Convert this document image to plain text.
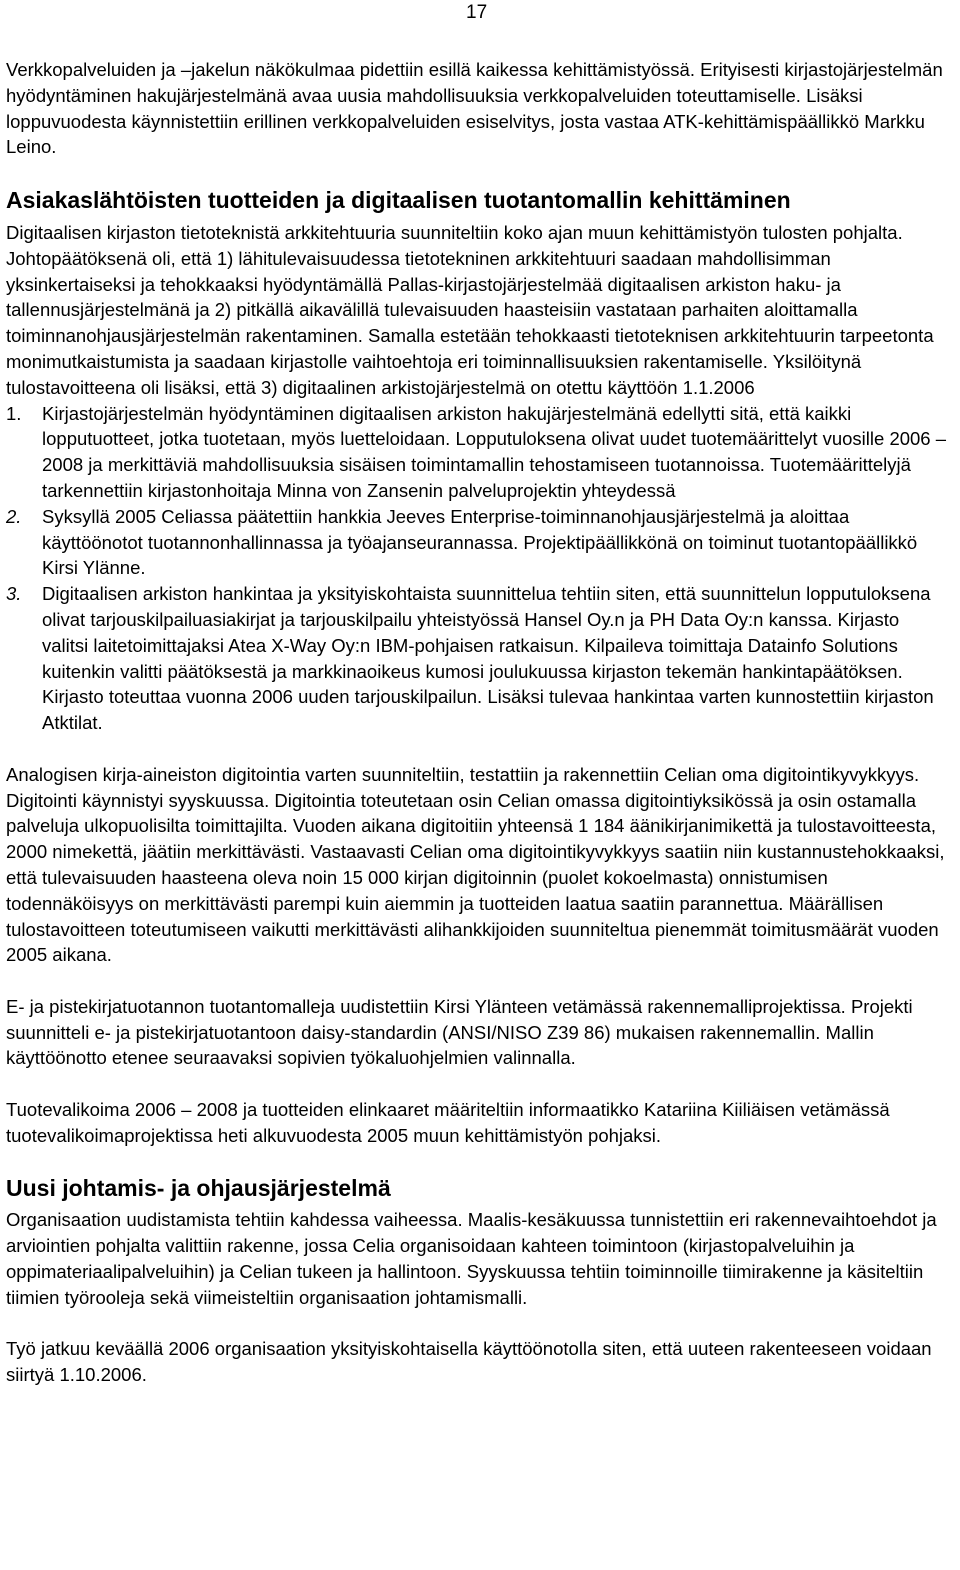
17

Verkkopalveluiden ja –jakelun näkökulmaa pidettiin esillä kaikessa kehittämistyössä. Erityisesti kirjastojärjestelmän hyödyntäminen hakujärjestelmänä avaa uusia mahdollisuuksia verkkopalveluiden toteuttamiselle. Lisäksi loppuvuodesta käynnistettiin erillinen verkkopalveluiden esiselvitys, josta vastaa ATK-kehittämispäällikkö Markku Leino.

Asiakaslähtöisten tuotteiden ja digitaalisen tuotantomallin kehittäminen

Digitaalisen kirjaston tietoteknistä arkkitehtuuria suunniteltiin koko ajan muun kehittämistyön tulosten pohjalta. Johtopäätöksenä oli, että 1) lähitulevaisuudessa tietotekninen arkkitehtuuri saadaan mahdollisimman yksinkertaiseksi ja tehokkaaksi hyödyntämällä Pallas-kirjastojärjestelmää digitaalisen arkiston haku- ja tallennusjärjestelmänä ja 2) pitkällä aikavälillä tulevaisuuden haasteisiin vastataan parhaiten aloittamalla toiminnanohjausjärjestelmän rakentaminen. Samalla estetään tehokkaasti tietoteknisen arkkitehtuurin tarpeetonta monimutkaistumista ja saadaan kirjastolle vaihtoehtoja eri toiminnallisuuksien rakentamiselle. Yksilöitynä tulostavoitteena oli lisäksi, että 3) digitaalinen arkistojärjestelmä on otettu käyttöön 1.1.2006

1. Kirjastojärjestelmän hyödyntäminen digitaalisen arkiston hakujärjestelmänä edellytti sitä, että kaikki lopputuotteet, jotka tuotetaan, myös luetteloidaan. Lopputuloksena olivat uudet tuotemäärittelyt vuosille 2006 – 2008 ja merkittäviä mahdollisuuksia sisäisen toimintamallin tehostamiseen tuotannoissa. Tuotemäärittelyjä tarkennettiin kirjastonhoitaja Minna von Zansenin palveluprojektin yhteydessä
2. Syksyllä 2005 Celiassa päätettiin hankkia Jeeves Enterprise-toiminnanohjausjärjestelmä ja aloittaa käyttöönotot tuotannonhallinnassa ja työajanseurannassa. Projektipäällikkönä on toiminut tuotantopäällikkö Kirsi Ylänne.
3. Digitaalisen arkiston hankintaa ja yksityiskohtaista suunnittelua tehtiin siten, että suunnittelun lopputuloksena olivat tarjouskilpailuasiakirjat ja tarjouskilpailu yhteistyössä Hansel Oy.n ja PH Data Oy:n kanssa. Kirjasto valitsi laitetoimittajaksi Atea X-Way Oy:n IBM-pohjaisen ratkaisun. Kilpaileva toimittaja Datainfo Solutions kuitenkin valitti päätöksestä ja markkinaoikeus kumosi joulukuussa kirjaston tekemän hankintapäätöksen. Kirjasto toteuttaa vuonna 2006 uuden tarjouskilpailun. Lisäksi tulevaa hankintaa varten kunnostettiin kirjaston Atktilat.

Analogisen kirja-aineiston digitointia varten suunniteltiin, testattiin ja rakennettiin Celian oma digitointikyvykkyys. Digitointi käynnistyi syyskuussa. Digitointia toteutetaan osin Celian omassa digitointiyksikössä ja osin ostamalla palveluja ulkopuolisilta toimittajilta. Vuoden aikana digitoitiin yhteensä 1 184 äänikirjanimikettä ja tulostavoitteesta, 2000 nimekettä, jäätiin merkittävästi. Vastaavasti Celian oma digitointikyvykkyys saatiin niin kustannustehokkaaksi, että tulevaisuuden haasteena oleva noin 15 000 kirjan digitoinnin (puolet kokoelmasta) onnistumisen todennäköisyys on merkittävästi parempi kuin aiemmin ja tuotteiden laatua saatiin parannettua. Määrällisen tulostavoitteen toteutumiseen vaikutti merkittävästi alihankkijoiden suunniteltua pienemmät toimitusmäärät vuoden 2005 aikana.

E- ja pistekirjatuotannon tuotantomalleja uudistettiin Kirsi Ylänteen vetämässä rakennemalliprojektissa. Projekti suunnitteli e- ja pistekirjatuotantoon daisy-standardin (ANSI/NISO Z39 86) mukaisen rakennemallin. Mallin käyttöönotto etenee seuraavaksi sopivien työkaluohjelmien valinnalla.

Tuotevalikoima 2006 – 2008 ja tuotteiden elinkaaret määriteltiin informaatikko Katariina Kiiliäisen vetämässä tuotevalikoimaprojektissa heti alkuvuodesta 2005 muun kehittämistyön pohjaksi.

Uusi johtamis- ja ohjausjärjestelmä

Organisaation uudistamista tehtiin kahdessa vaiheessa. Maalis-kesäkuussa tunnistettiin eri rakennevaihtoehdot ja arviointien pohjalta valittiin rakenne, jossa Celia organisoidaan kahteen toimintoon (kirjastopalveluihin ja oppimateriaalipalveluihin) ja Celian tukeen ja hallintoon. Syyskuussa tehtiin toiminnoille tiimirakenne ja käsiteltiin tiimien työrooleja sekä viimeisteltiin organisaation johtamismalli.

Työ jatkuu keväällä 2006 organisaation yksityiskohtaisella käyttöönotolla siten, että uuteen rakenteeseen voidaan siirtyä 1.10.2006.
